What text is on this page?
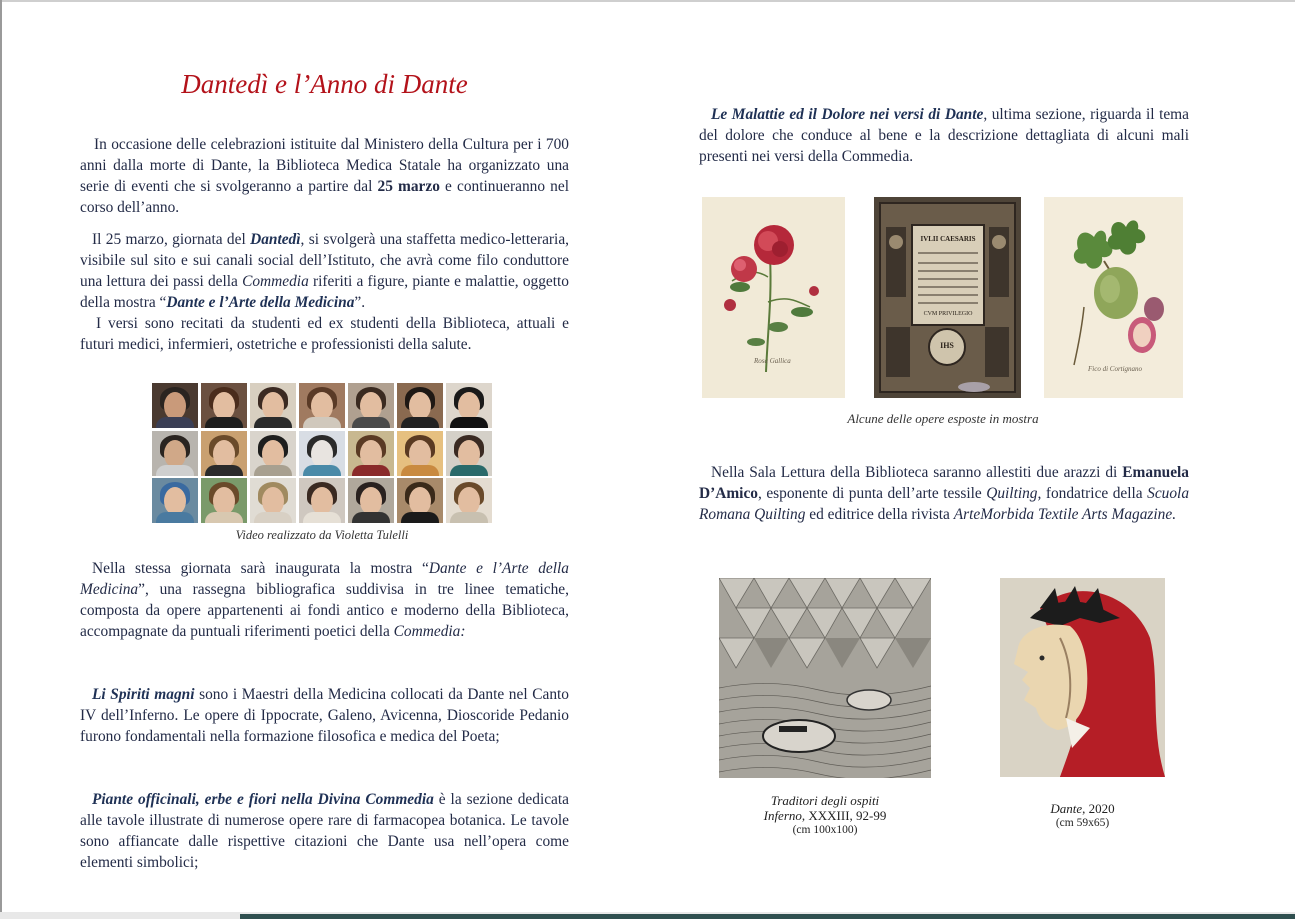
Dantedì e l’Anno di Dante

In occasione delle celebrazioni istituite dal Ministero della Cultura per i 700 anni dalla morte di Dante, la Biblioteca Medica Statale ha organizzato una serie di eventi che si svolgeranno a partire dal 25 marzo e continueranno nel corso dell’anno.

Il 25 marzo, giornata del Dantedì, si svolgerà una staffetta medico-letteraria, visibile sul sito e sui canali social dell’Istituto, che avrà come filo conduttore una lettura dei passi della Commedia riferiti a figure, piante e malattie, oggetto della mostra “Dante e l’Arte della Medicina”.

I versi sono recitati da studenti ed ex studenti della Biblioteca, attuali e futuri medici, infermieri, ostetriche e professionisti della salute.

Nella stessa giornata sarà inaugurata la mostra “Dante e l’Arte della Medicina”, una rassegna bibliografica suddivisa in tre linee tematiche, composta da opere appartenenti ai fondi antico e moderno della Biblioteca, accompagnate da puntuali riferimenti poetici della Commedia:

Li Spiriti magni sono i Maestri della Medicina collocati da Dante nel Canto IV dell’Inferno. Le opere di Ippocrate, Galeno, Avicenna, Dioscoride Pedanio furono fondamentali nella formazione filosofica e medica del Poeta;

Piante officinali, erbe e fiori nella Divina Commedia è la sezione dedicata alle tavole illustrate di numerose opere rare di farmacopea botanica. Le tavole sono affiancate dalle rispettive citazioni che Dante usa nell’opera come elementi simbolici;

Video realizzato da Violetta Tulelli

Le Malattie ed il Dolore nei versi di Dante, ultima sezione, riguarda il tema del dolore che conduce al bene e la descrizione dettagliata di alcuni mali presenti nei versi della Commedia.

Nella Sala Lettura della Biblioteca saranno allestiti due arazzi di Emanuela D’Amico, esponente di punta dell’arte tessile Quilting, fondatrice della Scuola Romana Quilting ed editrice della rivista ArteMorbida Textile Arts Magazine.

Rosa Gallica
IVLII CAESARIS
IHS
CVM PRIVILEGIO
Fico di Cortignano
Alcune delle opere esposte in mostra
Traditori degli ospiti
Inferno, XXXIII, 92-99
(cm 100x100)
Dante, 2020
(cm 59x65)
